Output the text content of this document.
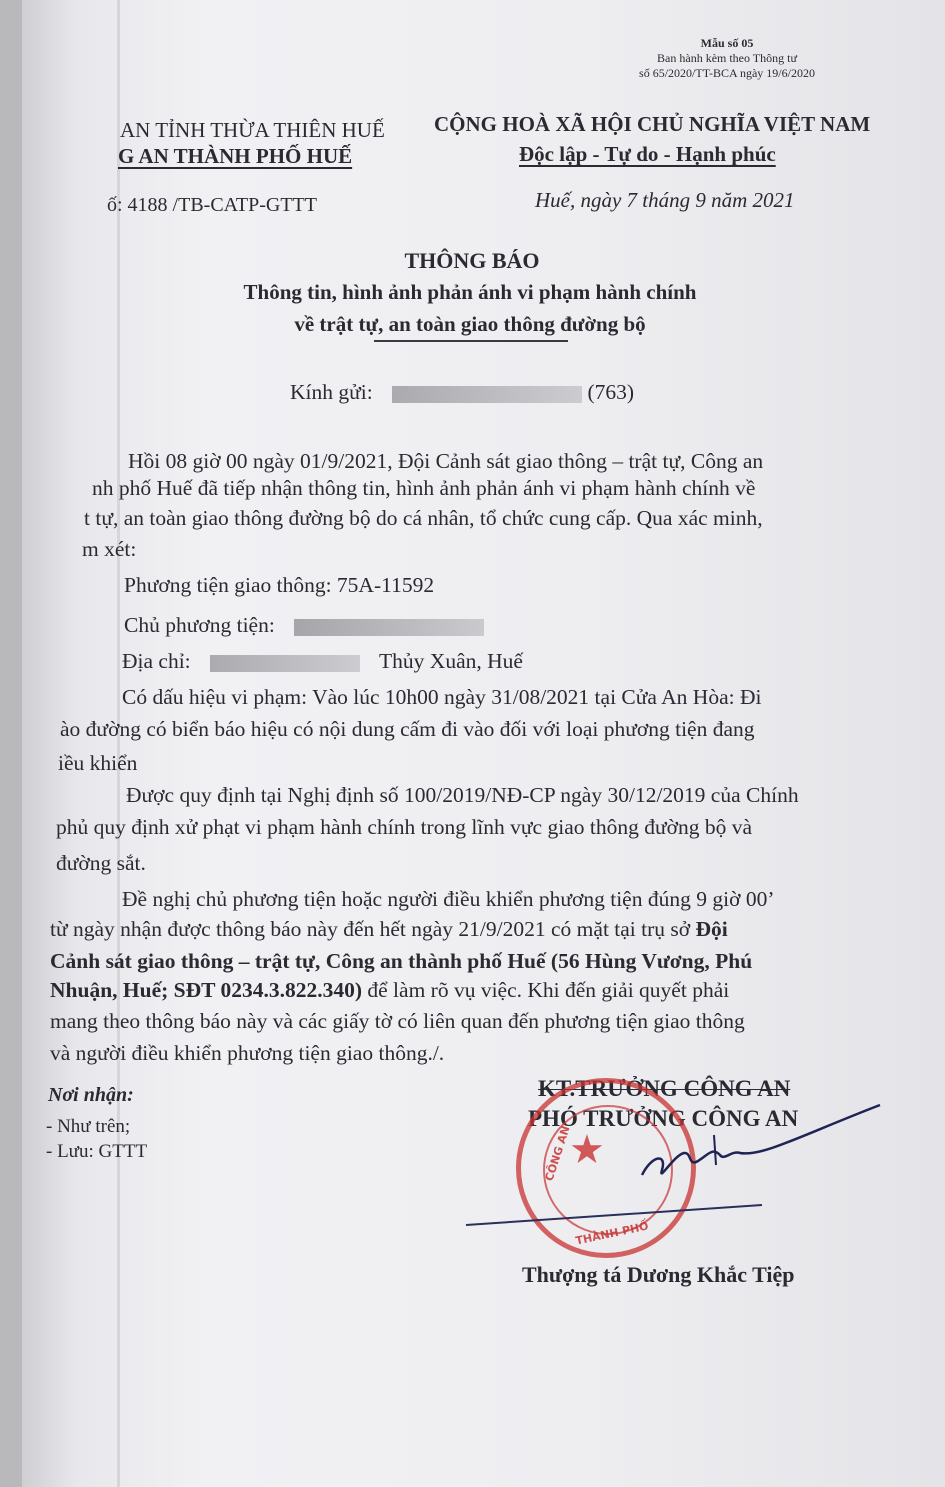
Mẫu số 05
Ban hành kèm theo Thông tư
số 65/2020/TT-BCA ngày 19/6/2020
AN TỈNH THỪA THIÊN HUẾ
G AN THÀNH PHỐ HUẾ
ố: 4188 /TB-CATP-GTTT
CỘNG HOÀ XÃ HỘI CHỦ NGHĨA VIỆT NAM
Độc lập - Tự do - Hạnh phúc
Huế, ngày 7 tháng 9 năm 2021
THÔNG BÁO
Thông tin, hình ảnh phản ánh vi phạm hành chính
về trật tự, an toàn giao thông đường bộ
Kính gửi:	(763)
Hồi 08 giờ 00 ngày 01/9/2021, Đội Cảnh sát giao thông – trật tự, Công an
nh phố Huế đã tiếp nhận thông tin, hình ảnh phản ánh vi phạm hành chính về
t tự, an toàn giao thông đường bộ do cá nhân, tổ chức cung cấp. Qua xác minh,
m xét:
Phương tiện giao thông: 75A-11592
Chủ phương tiện:
Địa chỉ:	Thủy Xuân, Huế
Có dấu hiệu vi phạm: Vào lúc 10h00 ngày 31/08/2021 tại Cửa An Hòa: Đi
ào đường có biển báo hiệu có nội dung cấm đi vào đối với loại phương tiện đang
iều khiển
Được quy định tại Nghị định số 100/2019/NĐ-CP ngày 30/12/2019 của Chính
phủ quy định xử phạt vi phạm hành chính trong lĩnh vực giao thông đường bộ và
đường sắt.
Đề nghị chủ phương tiện hoặc người điều khiển phương tiện đúng 9 giờ 00’
từ ngày nhận được thông báo này đến hết ngày 21/9/2021 có mặt tại trụ sở Đội
Cảnh sát giao thông – trật tự, Công an thành phố Huế (56 Hùng Vương, Phú
Nhuận, Huế; SĐT 0234.3.822.340) để làm rõ vụ việc. Khi đến giải quyết phải
mang theo thông báo này và các giấy tờ có liên quan đến phương tiện giao thông
và người điều khiển phương tiện giao thông./.
Nơi nhận:
- Như trên;
- Lưu: GTTT
KT.TRƯỞNG CÔNG AN
PHÓ TRƯỞNG CÔNG AN
★
CÔNG AN
THÀNH PHỐ
Thượng tá Dương Khắc Tiệp
